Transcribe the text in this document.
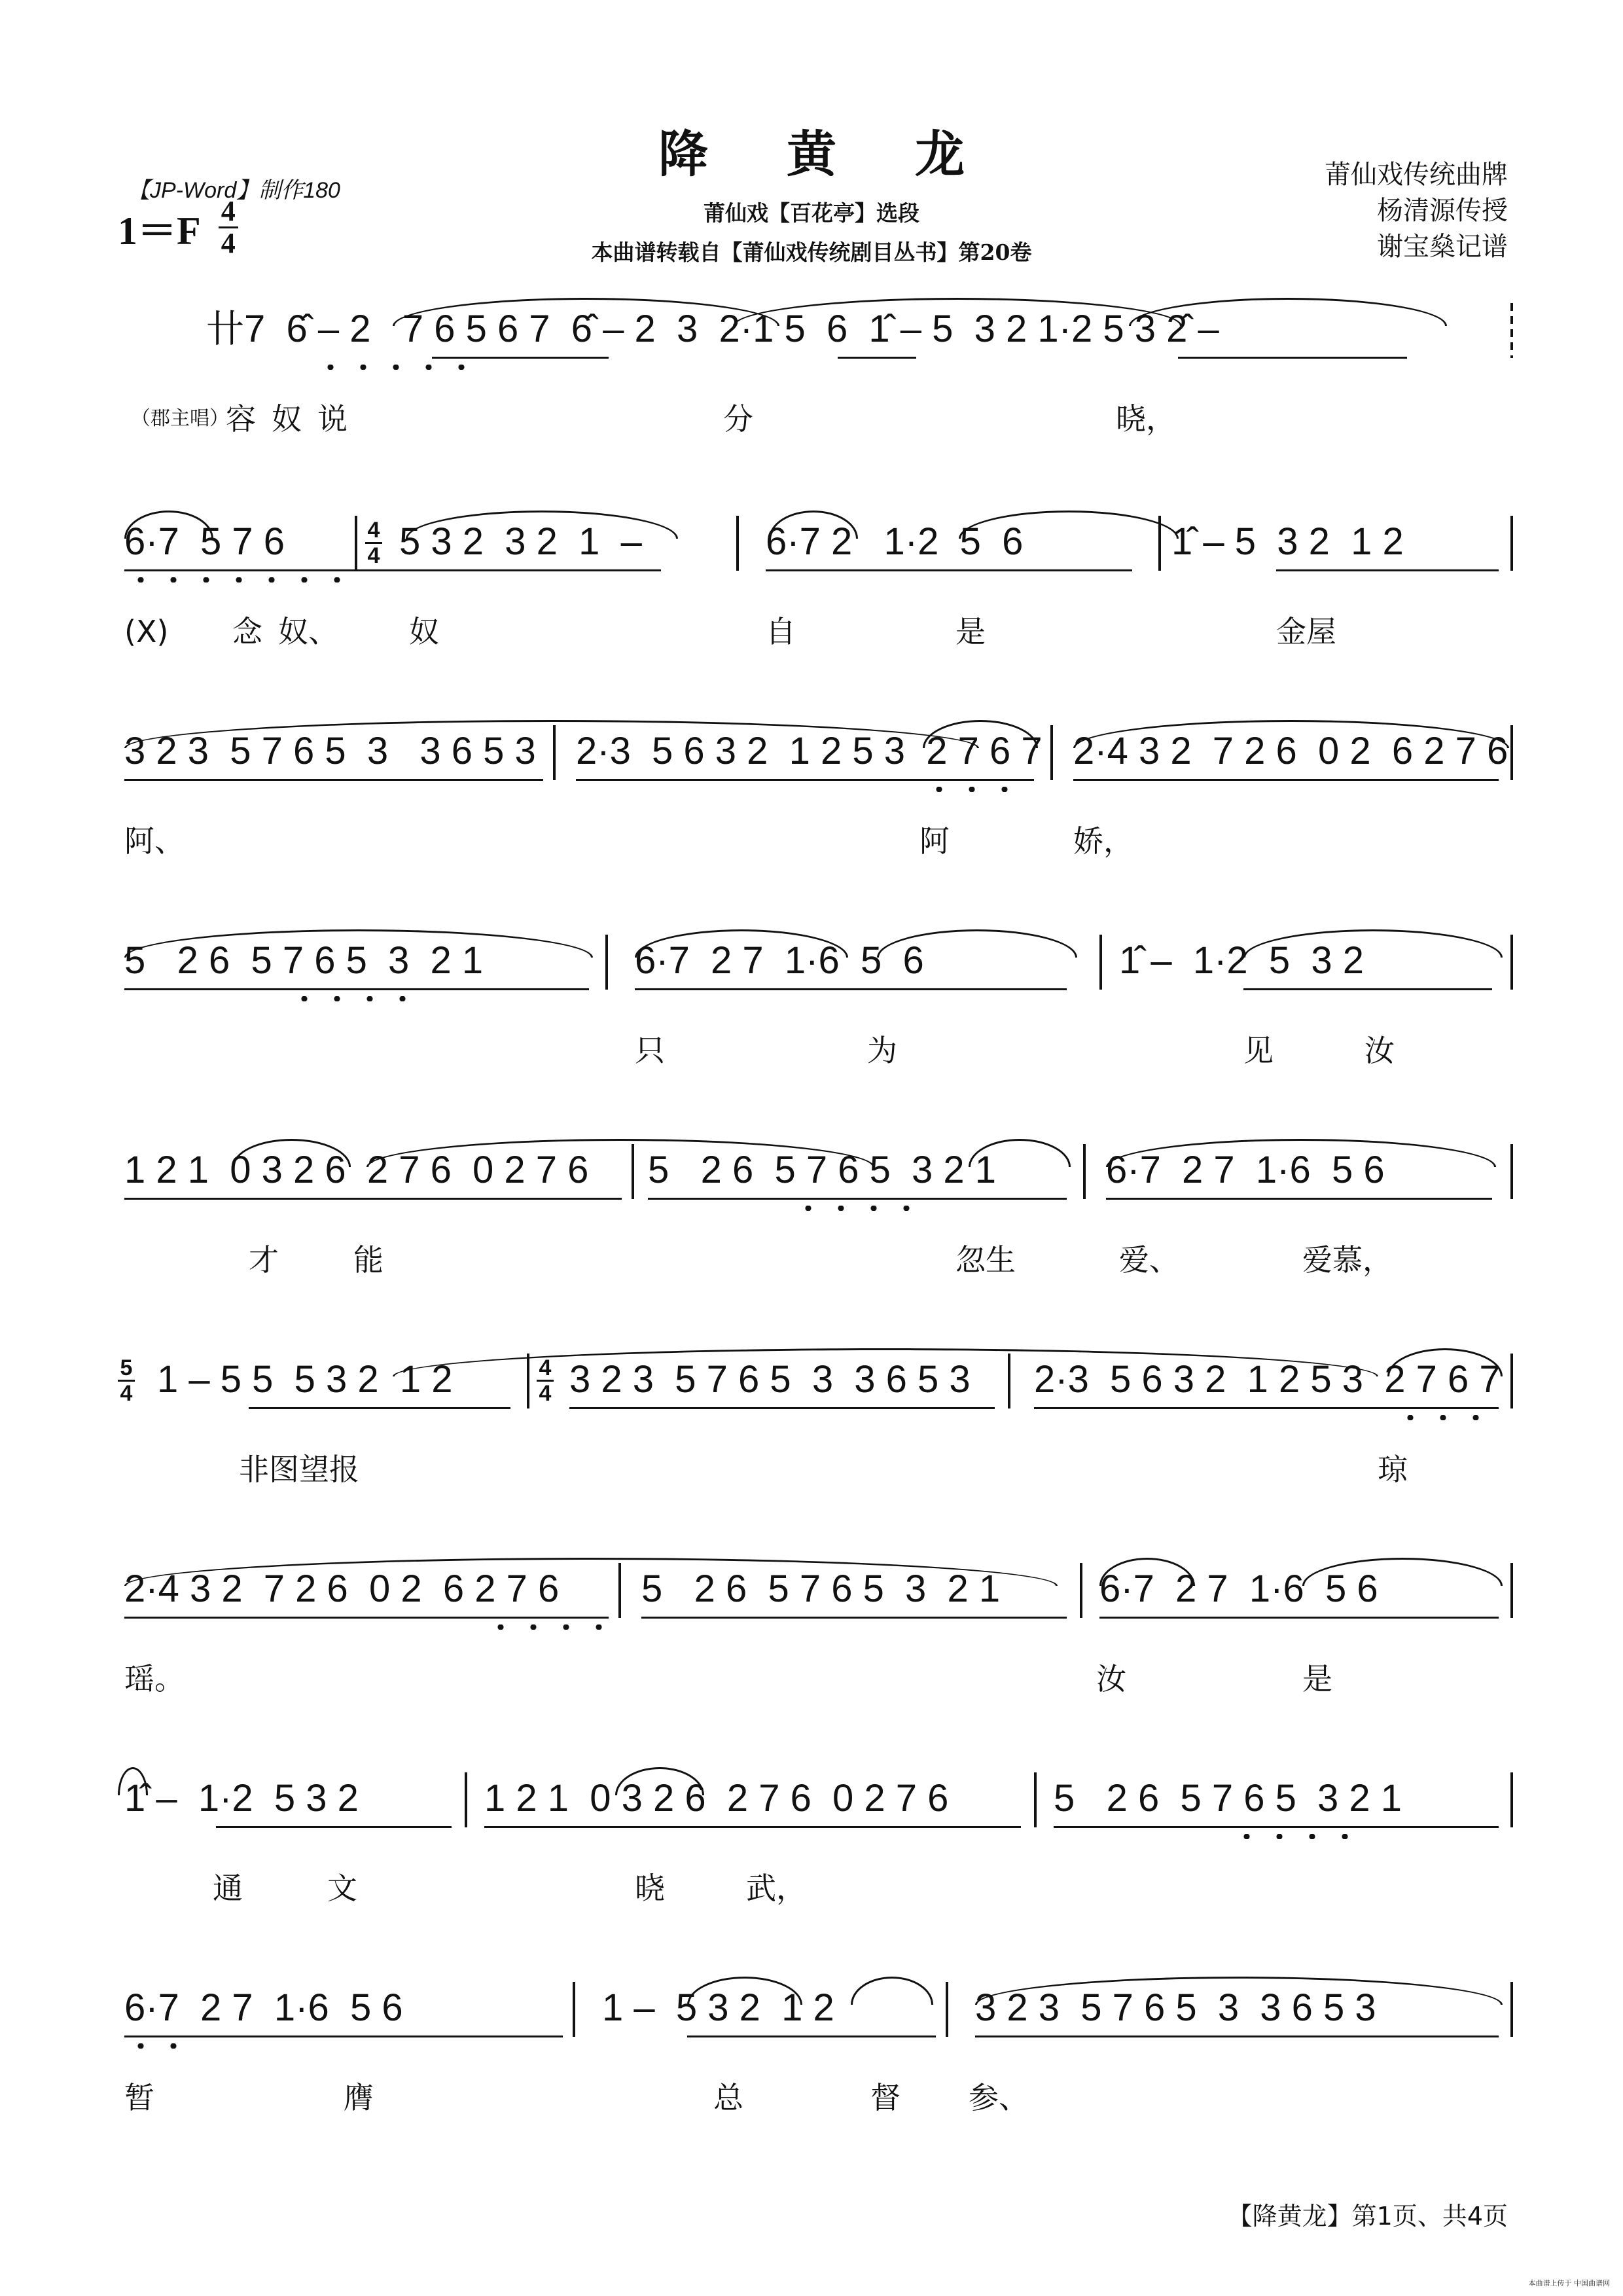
降黄龙
莆仙戏【百花亭】选段
本曲谱转载自【莆仙戏传统剧目丛书】第20卷
【JP-Word】制作180
$1=F \frac{4}{4}$
莆仙戏传统曲牌
杨清源传授
谢宝燊记谱
卄7  6̂ – 2   7 6 5 6 7  6̂ – 2  3  2·1 5  6  1̂ – 5  3 2 1·2 5 3 2̂ –
（郡主唱）
容 奴 说	分	晓，
6·7  5 7 6	4
4 5 3 2  3 2  1  –	6·7 2   1·2  5  6	1̂ – 5  3 2  1 2
(X) 念 奴、 奴	自	是	金屋
3 2 3  5 7 6 5  3   3 6 5 3 2·3  5 6 3 2  1 2 5 3  2 7 6 7 2·4 3 2  7 2 6  0 2  6 2 7 6
阿、	阿	娇，
5   2 6  5 7 6 5  3  2 1	6·7  2 7  1·6  5  6	1̂ –  1·2  5  3 2
只	为	见	汝
1 2 1  0 3 2 6  2 7 6  0 2 7 6 5   2 6  5 7 6 5  3 2 1	6·7  2 7  1·6  5 6
才 能	忽生	爱、	爱慕，
5
4 1 – 5 5  5 3 2  1 2	4
4 3 2 3  5 7 6 5  3  3 6 5 3 2·3  5 6 3 2  1 2 5 3  2 7 6 7
非图望报	琼
2·4 3 2  7 2 6  0 2  6 2 7 6 5   2 6  5 7 6 5  3  2 1	6·7  2 7  1·6  5 6
瑶。	汝	是
1̂ –  1·2  5 3 2	1 2 1  0 3 2 6  2 7 6  0 2 7 6	5   2 6  5 7 6 5  3 2 1
通	文	晓	武，
6·7  2 7  1·6  5 6	1 –  5 3 2  1 2	3 2 3  5 7 6 5  3  3 6 5 3
暂	膺	总	督 参、
【降黄龙】第1页、共4页
本曲谱上传于 中国曲谱网
